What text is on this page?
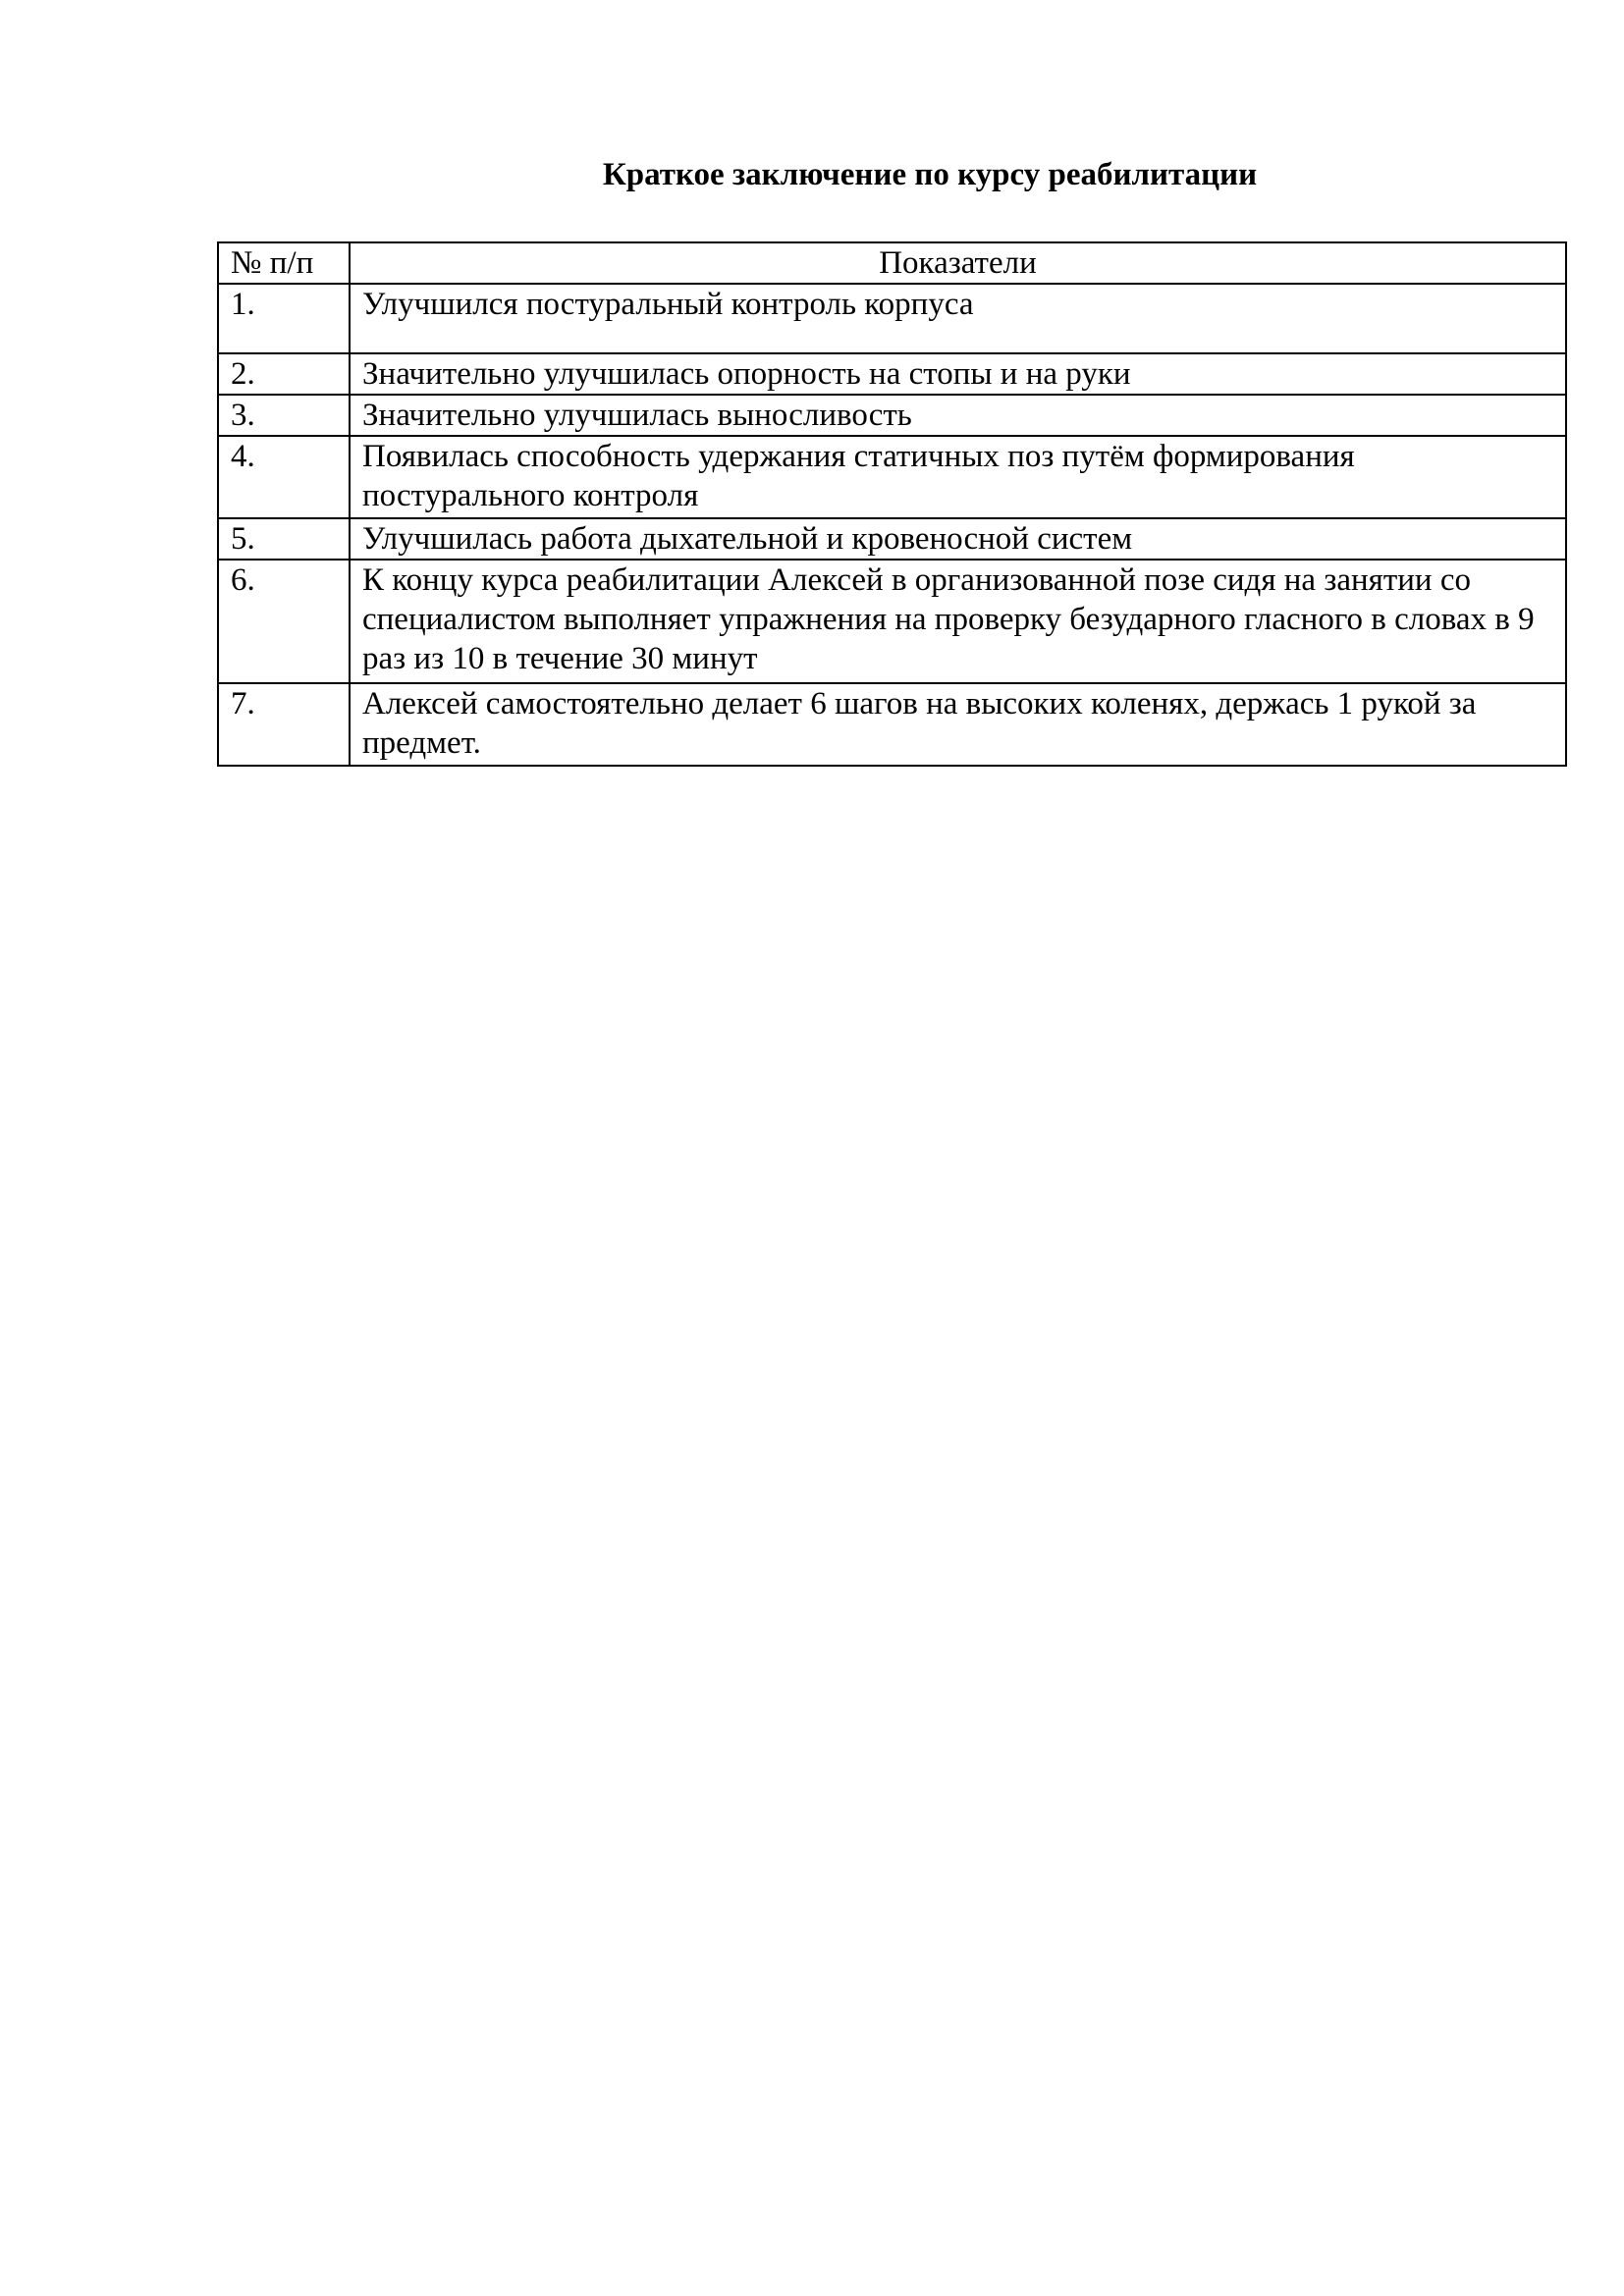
Краткое заключение по курсу реабилитации
№ п/п	Показатели
1.	Улучшился постуральный контроль корпуса
2.	Значительно улучшилась опорность на стопы и на руки
3.	Значительно улучшилась выносливость
4.	Появилась способность удержания статичных поз путём формирования постурального контроля
5.	Улучшилась работа дыхательной и кровеносной систем
6.	К концу курса реабилитации Алексей в организованной позе сидя на занятии со специалистом выполняет упражнения на проверку безударного гласного в словах в 9 раз из 10 в течение 30 минут
7.	Алексей самостоятельно делает 6 шагов на высоких коленях, держась 1 рукой за предмет.
